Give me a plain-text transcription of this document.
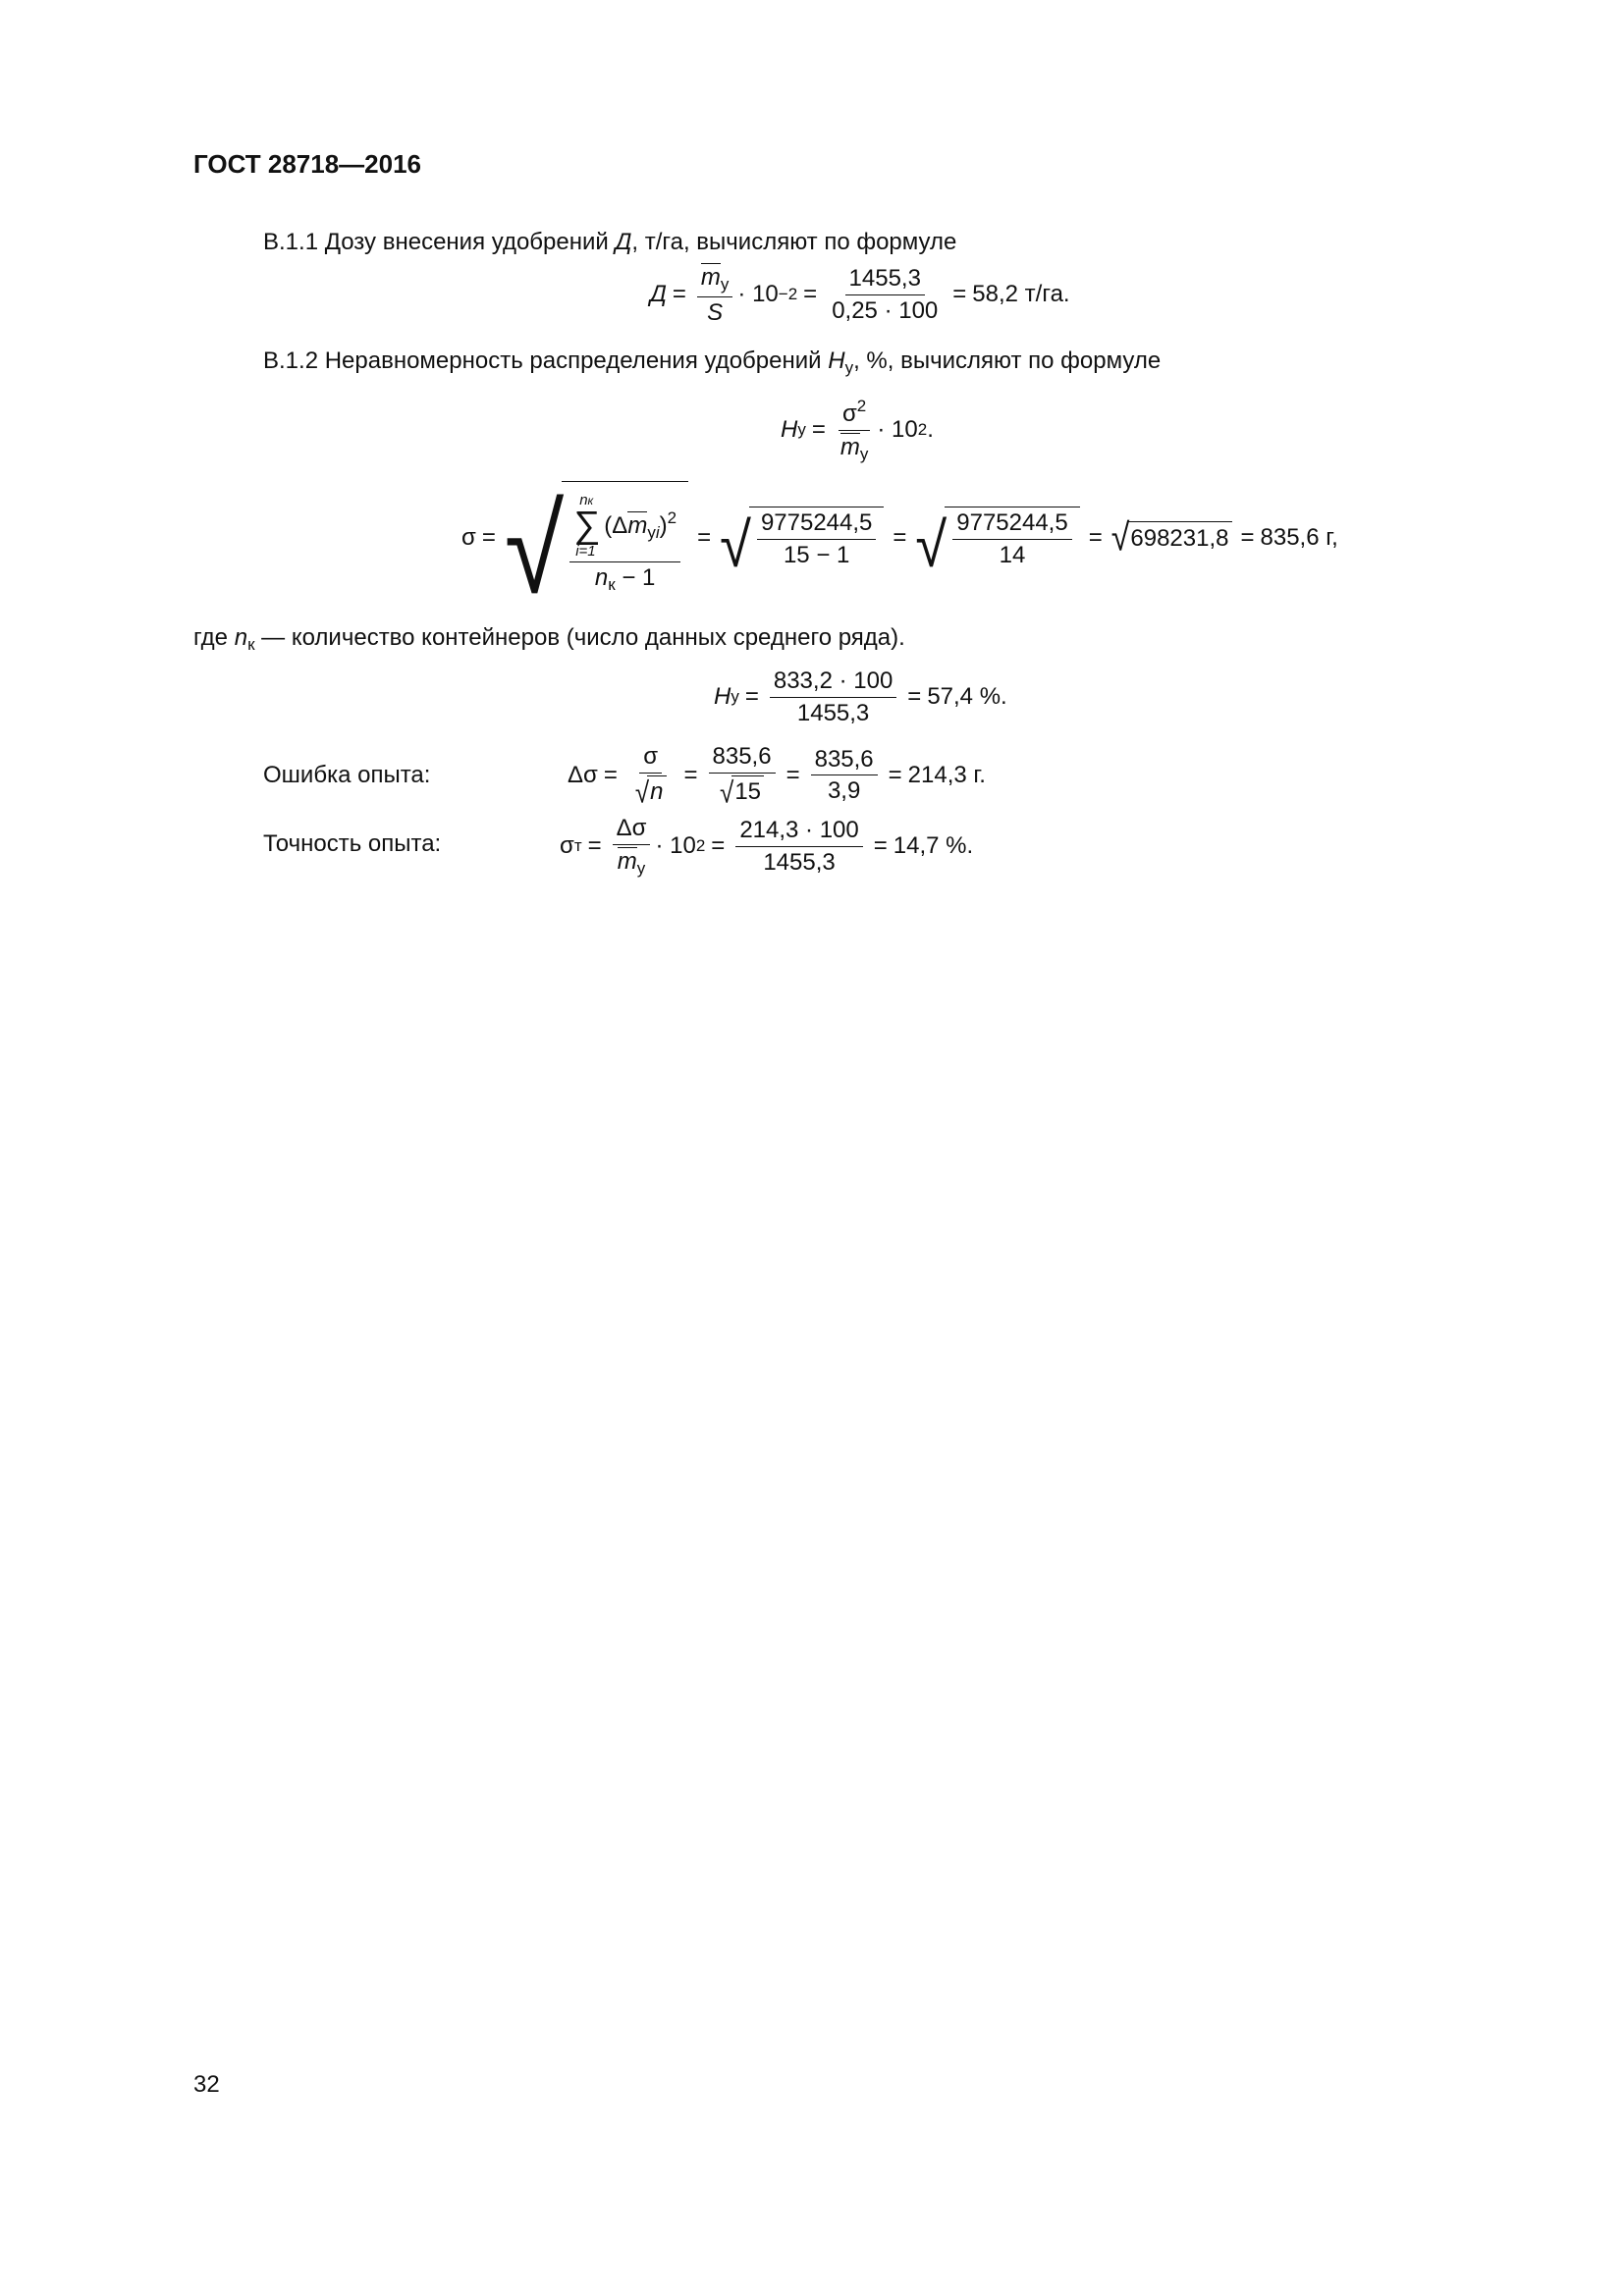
ГОСТ 28718—2016
В.1.1 Дозу внесения удобрений Д, т/га, вычисляют по формуле
$Д = \frac{m_у}{S} \cdot 10 -2 = \frac{1455,3}{0,25 \cdot 100} = 58,2$ т/га.
В.1.2 Неравномерность распределения удобрений $H_у$, %, вычисляют по формуле
H $у = \frac{\sigma^2}{m_у} \cdot 10$ 2 .
σ = √	nк
∑ $(\Delta m_{уi})^2$
i=1
$n_к - 1$
= √ $\frac{9775244,5}{15 - 1}$ = √ $\frac{9775244,5}{14}$ = √ 698231,8 = 835,6 г,
где $n_к$ — количество контейнеров (число данных среднего ряда).
H $у = \frac{833,2 \cdot 100}{1455,3} = 57,4$ %.
Ошибка опыта:	$\Delta\sigma = \frac{\sigma}{√ n} = \frac{835,6}{√ 15} = \frac{835,6}{3,9} = 214,3$ г.
Точность опыта:	σ $т = \frac{\Delta\sigma}{m_у} \cdot 10$ $2 = \frac{214,3 \cdot 100}{1455,3} = 14,7$ %.
32
